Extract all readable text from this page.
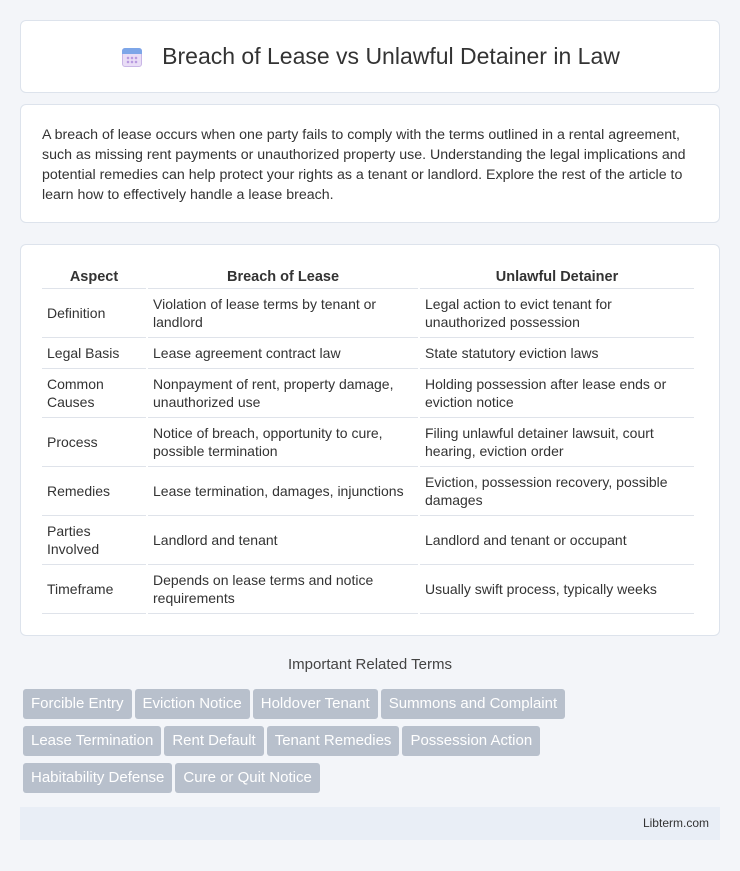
Breach of Lease vs Unlawful Detainer in Law

A breach of lease occurs when one party fails to comply with the terms outlined in a rental agreement, such as missing rent payments or unauthorized property use. Understanding the legal implications and potential remedies can help protect your rights as a tenant or landlord. Explore the rest of the article to learn how to effectively handle a lease breach.

Aspect	Breach of Lease	Unlawful Detainer
Definition	Violation of lease terms by tenant or landlord	Legal action to evict tenant for unauthorized possession
Legal Basis	Lease agreement contract law	State statutory eviction laws
Common Causes	Nonpayment of rent, property damage, unauthorized use	Holding possession after lease ends or eviction notice
Process	Notice of breach, opportunity to cure, possible termination	Filing unlawful detainer lawsuit, court hearing, eviction order
Remedies	Lease termination, damages, injunctions	Eviction, possession recovery, possible damages
Parties Involved	Landlord and tenant	Landlord and tenant or occupant
Timeframe	Depends on lease terms and notice requirements	Usually swift process, typically weeks
Important Related Terms
Forcible Entry Eviction Notice Holdover Tenant Summons and Complaint
Lease Termination Rent Default Tenant Remedies Possession Action
Habitability Defense Cure or Quit Notice
Libterm.com
